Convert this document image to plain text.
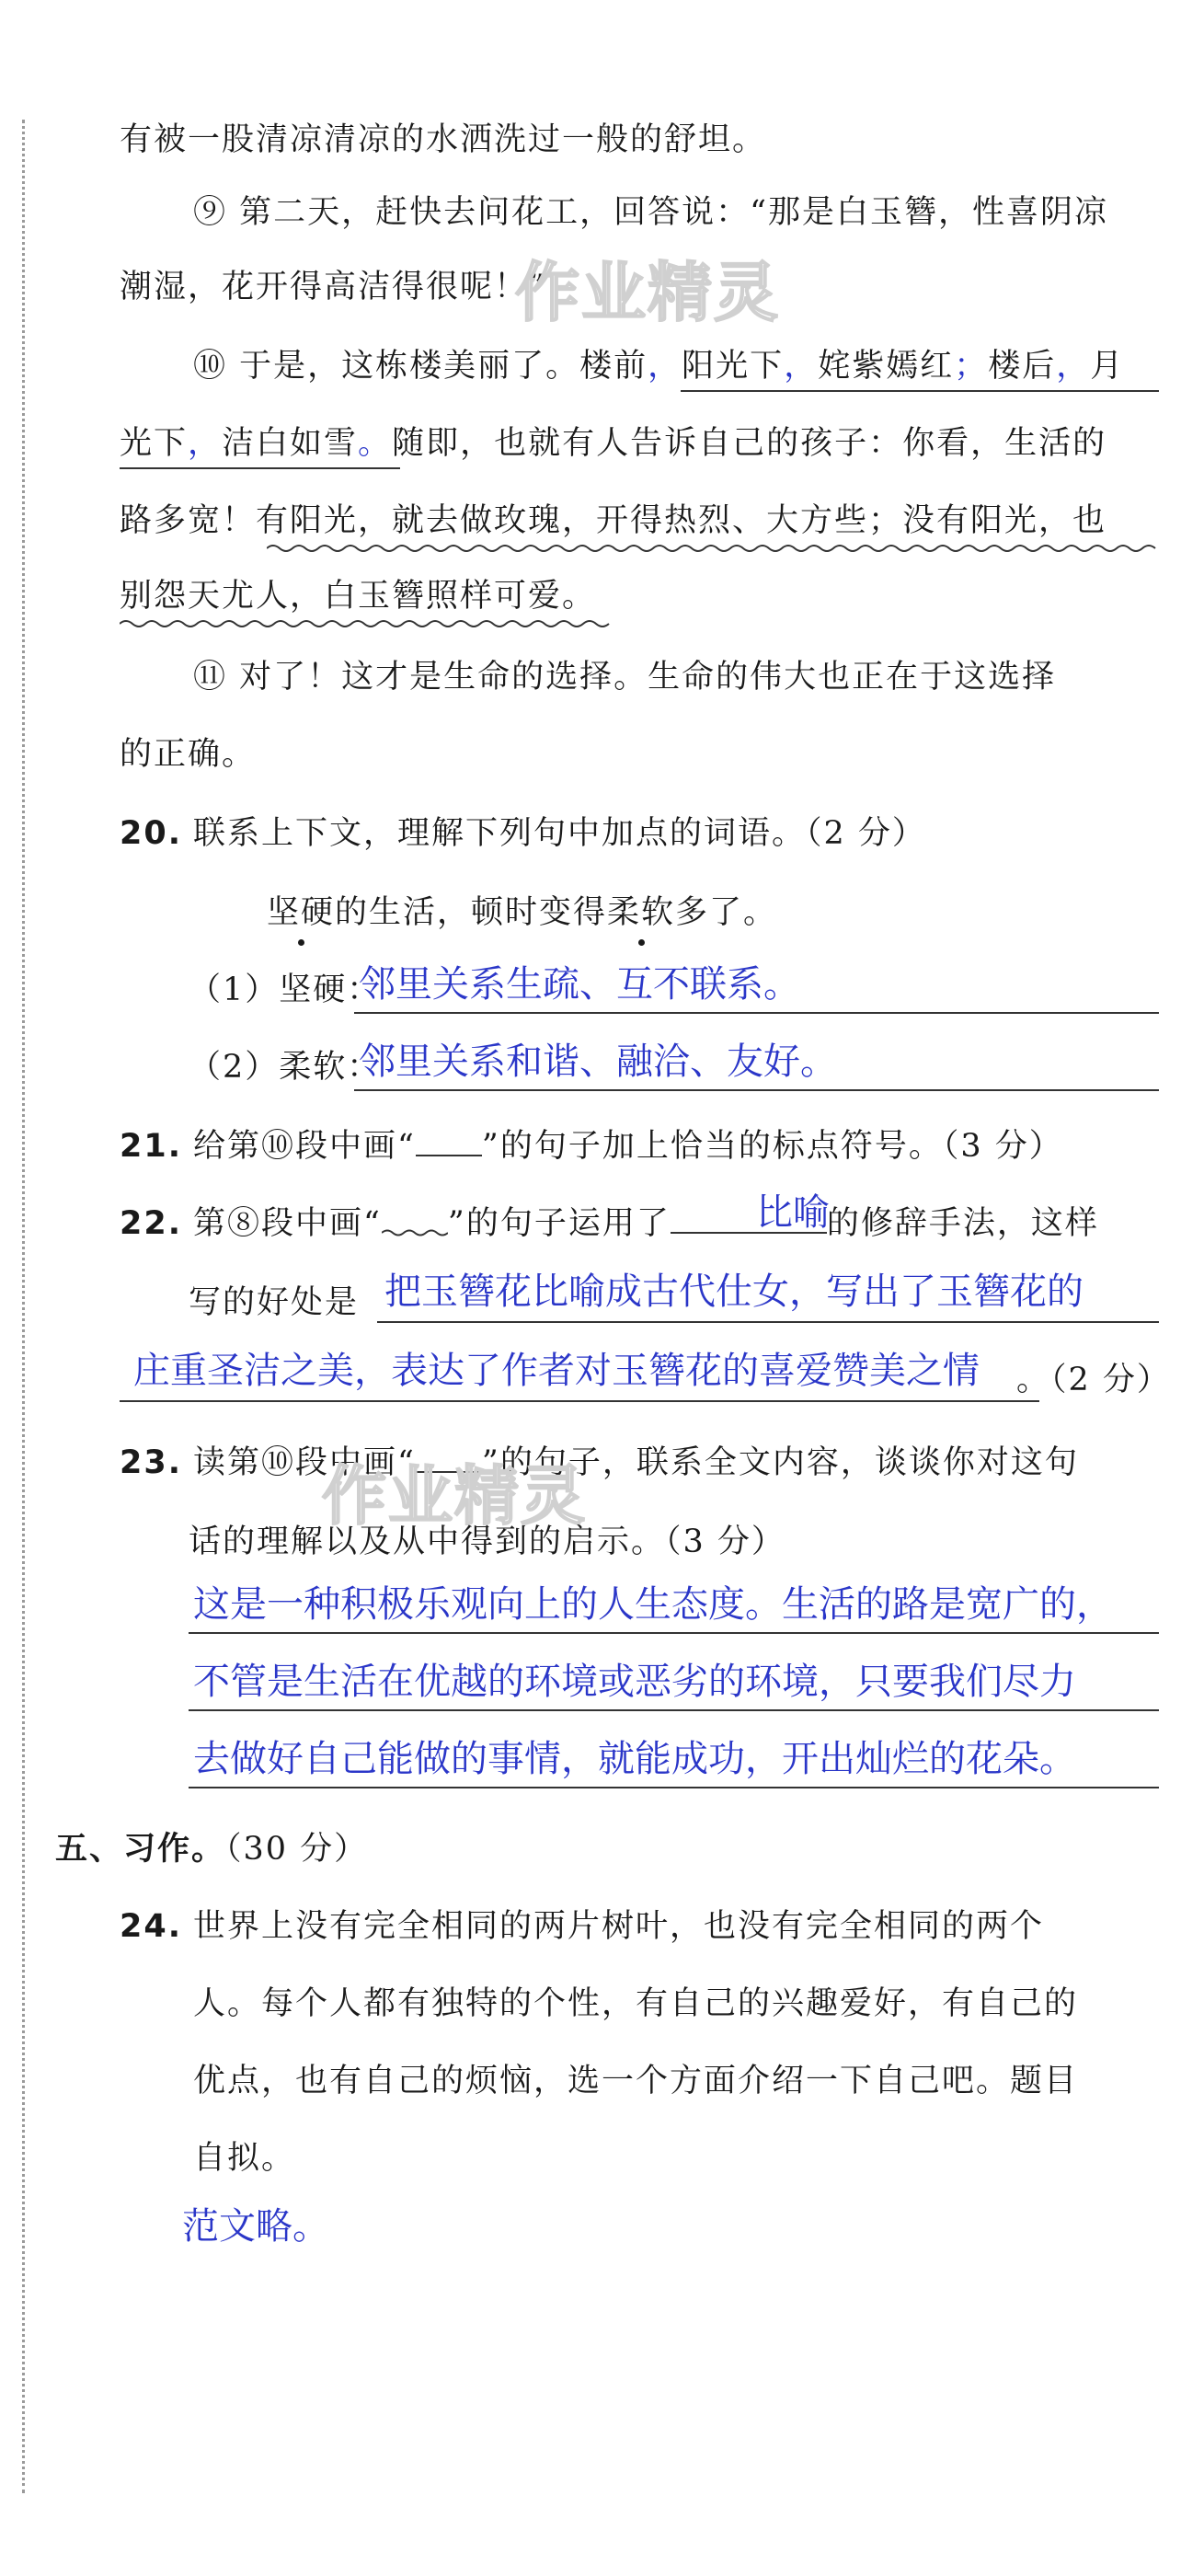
有被一股清凉清凉的水洒洗过一般的舒坦。
⑨ 第二天，赶快去问花工，回答说：“那是白玉簪，性喜阴凉
潮湿，花开得高洁得很呢！”
作业精灵
⑩ 于是，这栋楼美丽了。楼前，阳光下，姹紫嫣红；楼后，月
光下，洁白如雪。随即，也就有人告诉自己的孩子：你看，生活的
路多宽！有阳光，就去做玫瑰，开得热烈、大方些；没有阳光，也
别怨天尤人，白玉簪照样可爱。
⑪ 对了！这才是生命的选择。生命的伟大也正在于这选择
的正确。
20. 联系上下文，理解下列句中加点的词语。（2 分）
坚硬的生活，顿时变得柔软多了。
（1）坚硬：
邻里关系生疏、互不联系。
（2）柔软：
邻里关系和谐、融洽、友好。
21. 给第⑩段中画“ ”的句子加上恰当的标点符号。（3 分）
22. 第⑧段中画“ ”的句子运用了	的修辞手法，这样
比喻
写的好处是 把玉簪花比喻成古代仕女，写出了玉簪花的
庄重圣洁之美，表达了作者对玉簪花的喜爱赞美之情 。（2 分）
23. 读第⑩段中画“ ”的句子，联系全文内容，谈谈你对这句
作业精灵
话的理解以及从中得到的启示。（3 分）
这是一种积极乐观向上的人生态度。生活的路是宽广的，
不管是生活在优越的环境或恶劣的环境，只要我们尽力
去做好自己能做的事情，就能成功，开出灿烂的花朵。
五、习作。（30 分）
24. 世界上没有完全相同的两片树叶，也没有完全相同的两个
人。每个人都有独特的个性，有自己的兴趣爱好，有自己的
优点，也有自己的烦恼，选一个方面介绍一下自己吧。题目
自拟。
范文略。
